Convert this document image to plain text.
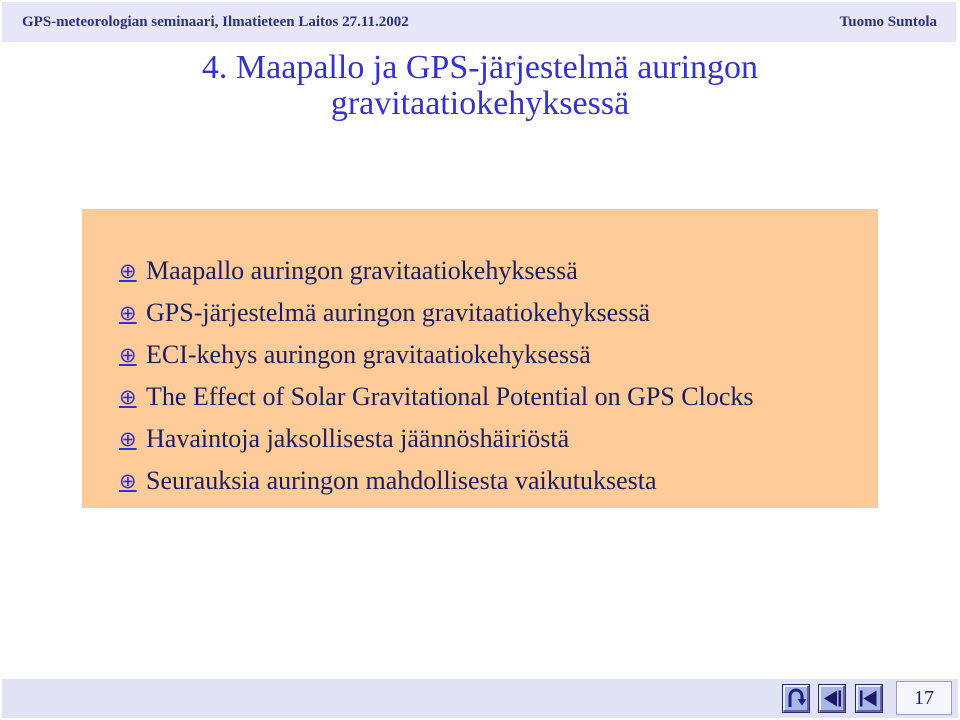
GPS-meteorologian seminaari, Ilmatieteen Laitos 27.11.2002	Tuomo Suntola
4. Maapallo ja GPS-järjestelmä auringon gravitaatiokehyksessä
⊕ Maapallo auringon gravitaatiokehyksessä
⊕ GPS-järjestelmä auringon gravitaatiokehyksessä
⊕ ECI-kehys auringon gravitaatiokehyksessä
⊕ The Effect of Solar Gravitational Potential on GPS Clocks
⊕ Havaintoja jaksollisesta jäännöshäiriöstä
⊕ Seurauksia auringon mahdollisesta vaikutuksesta
17
